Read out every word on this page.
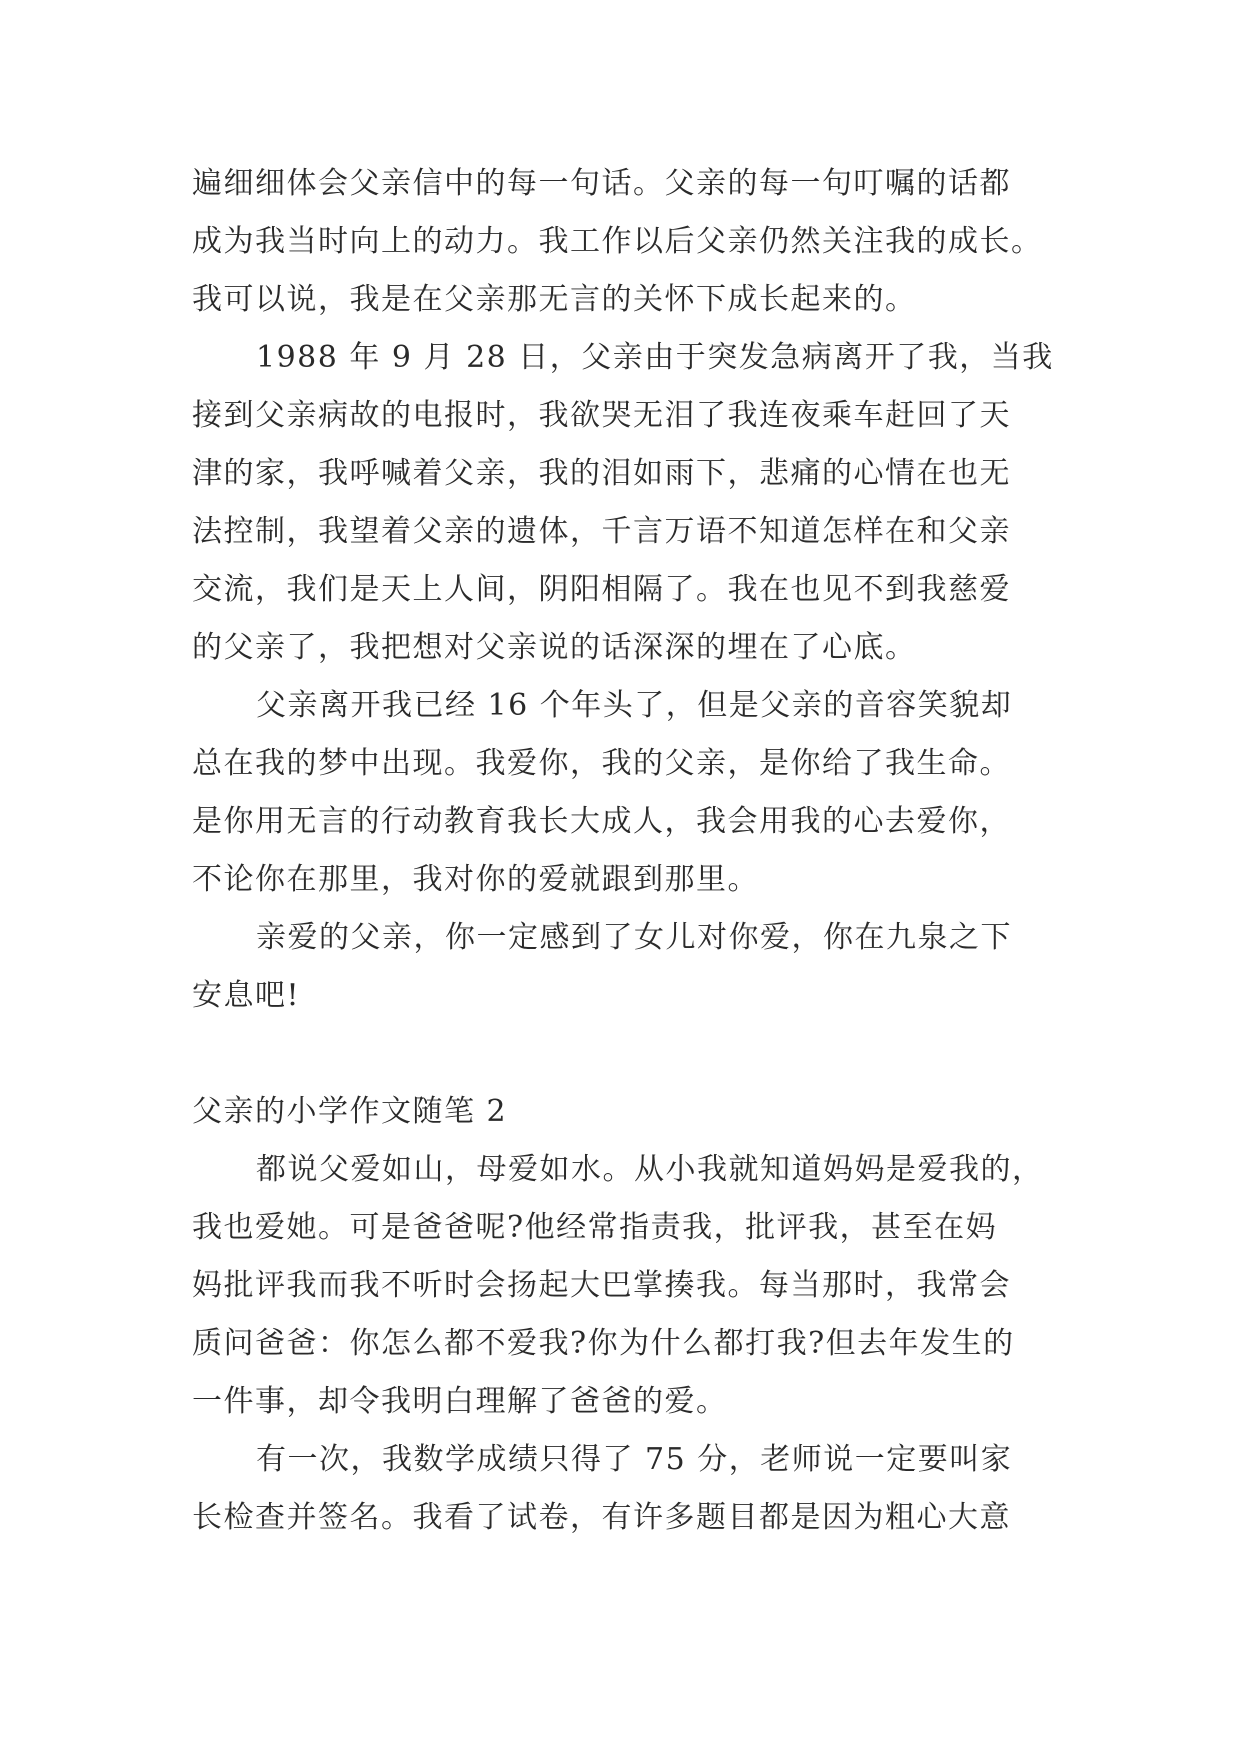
遍细细体会父亲信中的每一句话。父亲的每一句叮嘱的话都
成为我当时向上的动力。我工作以后父亲仍然关注我的成长。
我可以说，我是在父亲那无言的关怀下成长起来的。
1988 年 9 月 28 日，父亲由于突发急病离开了我，当我
接到父亲病故的电报时，我欲哭无泪了我连夜乘车赶回了天
津的家，我呼喊着父亲，我的泪如雨下，悲痛的心情在也无
法控制，我望着父亲的遗体，千言万语不知道怎样在和父亲
交流，我们是天上人间，阴阳相隔了。我在也见不到我慈爱
的父亲了，我把想对父亲说的话深深的埋在了心底。
父亲离开我已经 16 个年头了，但是父亲的音容笑貌却
总在我的梦中出现。我爱你，我的父亲，是你给了我生命。
是你用无言的行动教育我长大成人，我会用我的心去爱你，
不论你在那里，我对你的爱就跟到那里。
亲爱的父亲，你一定感到了女儿对你爱，你在九泉之下
安息吧!
父亲的小学作文随笔 2
都说父爱如山，母爱如水。从小我就知道妈妈是爱我的，
我也爱她。可是爸爸呢?他经常指责我，批评我，甚至在妈
妈批评我而我不听时会扬起大巴掌揍我。每当那时，我常会
质问爸爸：你怎么都不爱我?你为什么都打我?但去年发生的
一件事，却令我明白理解了爸爸的爱。
有一次，我数学成绩只得了 75 分，老师说一定要叫家
长检查并签名。我看了试卷，有许多题目都是因为粗心大意
